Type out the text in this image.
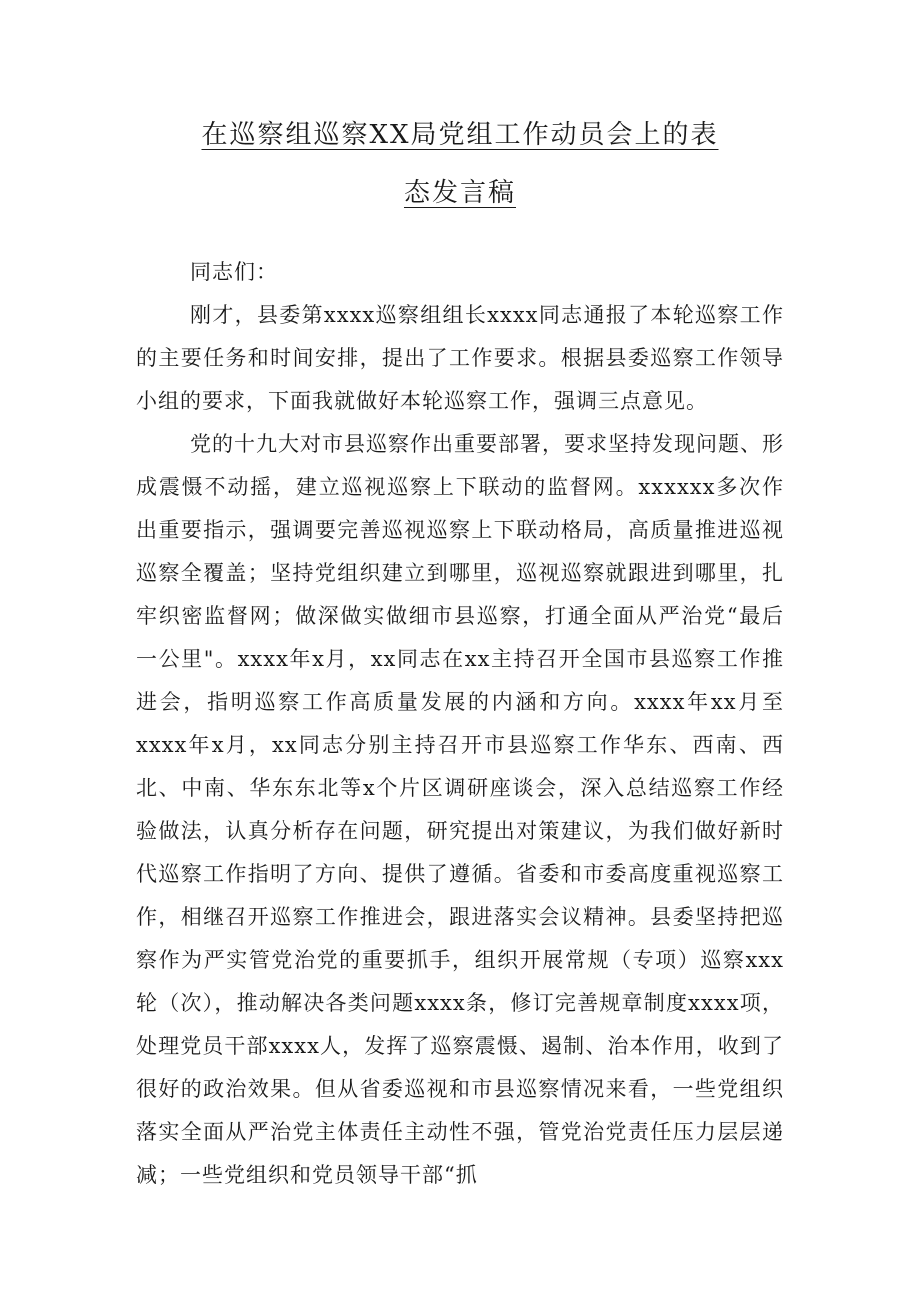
在巡察组巡察XX局党组工作动员会上的表
态发言稿
同志们：
刚才，县委第xxxx巡察组组长xxxx同志通报了本轮巡察工作的主要任务和时间安排，提出了工作要求。根据县委巡察工作领导小组的要求，下面我就做好本轮巡察工作，强调三点意见。
党的十九大对市县巡察作出重要部署，要求坚持发现问题、形成震慑不动摇，建立巡视巡察上下联动的监督网。xxxxxx多次作出重要指示，强调要完善巡视巡察上下联动格局，高质量推进巡视巡察全覆盖；坚持党组织建立到哪里，巡视巡察就跟进到哪里，扎牢织密监督网；做深做实做细市县巡察，打通全面从严治党“最后一公里"。xxxx年x月，xx同志在xx主持召开全国市县巡察工作推进会，指明巡察工作高质量发展的内涵和方向。xxxx年xx月至xxxx年x月，xx同志分别主持召开市县巡察工作华东、西南、西北、中南、华东东北等x个片区调研座谈会，深入总结巡察工作经验做法，认真分析存在问题，研究提出对策建议，为我们做好新时代巡察工作指明了方向、提供了遵循。省委和市委高度重视巡察工作，相继召开巡察工作推进会，跟进落实会议精神。县委坚持把巡察作为严实管党治党的重要抓手，组织开展常规（专项）巡察xxx轮（次），推动解决各类问题xxxx条，修订完善规章制度xxxx项，处理党员干部xxxx人，发挥了巡察震慑、遏制、治本作用，收到了很好的政治效果。但从省委巡视和市县巡察情况来看，一些党组织落实全面从严治党主体责任主动性不强，管党治党责任压力层层递减；一些党组织和党员领导干部“抓
